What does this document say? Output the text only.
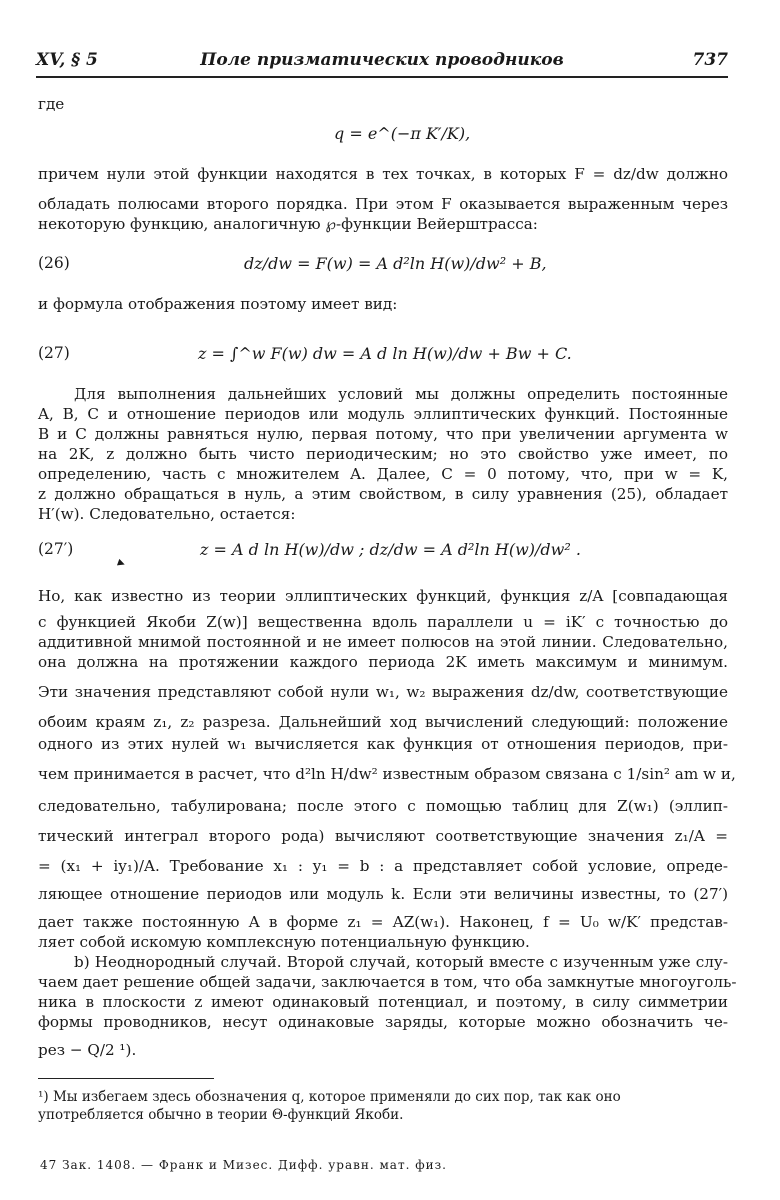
XV, § 5	Поле призматических проводников	737
где
q = e^(−π K′/K),
причем нули этой функции находятся в тех точках, в которых F = dz/dw должно
обладать полюсами второго порядка. При этом F оказывается выраженным через
некоторую функцию, аналогичную ℘-функции Вейерштрасса:
(26)	dz/dw = F(w) = A d²ln H(w)/dw² + B,
и формула отображения поэтому имеет вид:
(27)	z = ∫^w F(w) dw = A d ln H(w)/dw + Bw + C.
Для выполнения дальнейших условий мы должны определить постоянные
A, B, C и отношение периодов или модуль эллиптических функций. Постоянные
B и C должны равняться нулю, первая потому, что при увеличении аргумента w
на 2K, z должно быть чисто периодическим; но это свойство уже имеет, по
определению, часть с множителем A. Далее, C = 0 потому, что, при w = K,
z должно обращаться в нуль, а этим свойством, в силу уравнения (25), обладает
H′(w). Следовательно, остается:
(27′)
▸
z = A d ln H(w)/dw ; dz/dw = A d²ln H(w)/dw² .
Но, как известно из теории эллиптических функций, функция z/A [совпадающая
с функцией Якоби Z(w)] вещественна вдоль параллели u = iK′ с точностью до
аддитивной мнимой постоянной и не имеет полюсов на этой линии. Следовательно,
она должна на протяжении каждого периода 2K иметь максимум и минимум.
Эти значения представляют собой нули w₁, w₂ выражения dz/dw, соответствующие
обоим краям z₁, z₂ разреза. Дальнейший ход вычислений следующий: положение
одного из этих нулей w₁ вычисляется как функция от отношения периодов, при-
чем принимается в расчет, что d²ln H/dw² известным образом связана с 1/sin² am w и,
следовательно, табулирована; после этого с помощью таблиц для Z(w₁) (эллип-
тический интеграл второго рода) вычисляют соответствующие значения z₁/A =
= (x₁ + iy₁)/A. Требование x₁ : y₁ = b : a представляет собой условие, опреде-
ляющее отношение периодов или модуль k. Если эти величины известны, то (27′)
дает также постоянную A в форме z₁ = AZ(w₁). Наконец, f = U₀ w/K′ представ-
ляет собой искомую комплексную потенциальную функцию.
b) Неоднородный случай. Второй случай, который вместе с изученным уже слу-
чаем дает решение общей задачи, заключается в том, что оба замкнутые многоуголь-
ника в плоскости z имеют одинаковый потенциал, и поэтому, в силу симметрии
формы проводников, несут одинаковые заряды, которые можно обозначить че-
рез − Q/2 ¹).
¹) Мы избегаем здесь обозначения q, которое применяли до сих пор, так как оно
употребляется обычно в теории Θ-функций Якоби.
47 Зак. 1408. — Франк и Мизес. Дифф. уравн. мат. физ.
